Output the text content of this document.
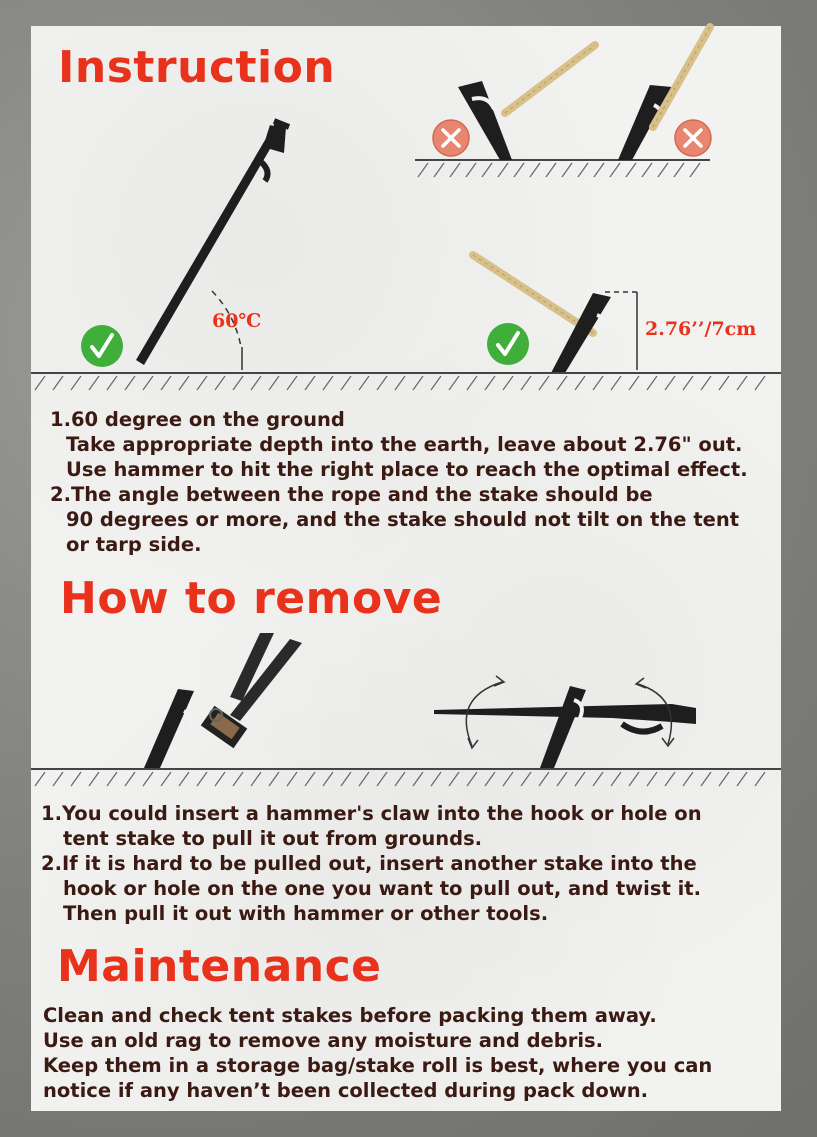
Instruction
60℃	2.76’’/7cm
1.60 degree on the ground
Take appropriate depth into the earth, leave about 2.76" out.
Use hammer to hit the right place to reach the optimal effect.
2.The angle between the rope and the stake should be
90 degrees or more, and the stake should not tilt on the tent
or tarp side.
How to remove
1.You could insert a hammer's claw into the hook or hole on
tent stake to pull it out from grounds.
2.If it is hard to be pulled out, insert another stake into the
hook or hole on the one you want to pull out, and twist it.
Then pull it out with hammer or other tools.
Maintenance
Clean and check tent stakes before packing them away.
Use an old rag to remove any moisture and debris.
Keep them in a storage bag/stake roll is best, where you can
notice if any haven’t been collected during pack down.
